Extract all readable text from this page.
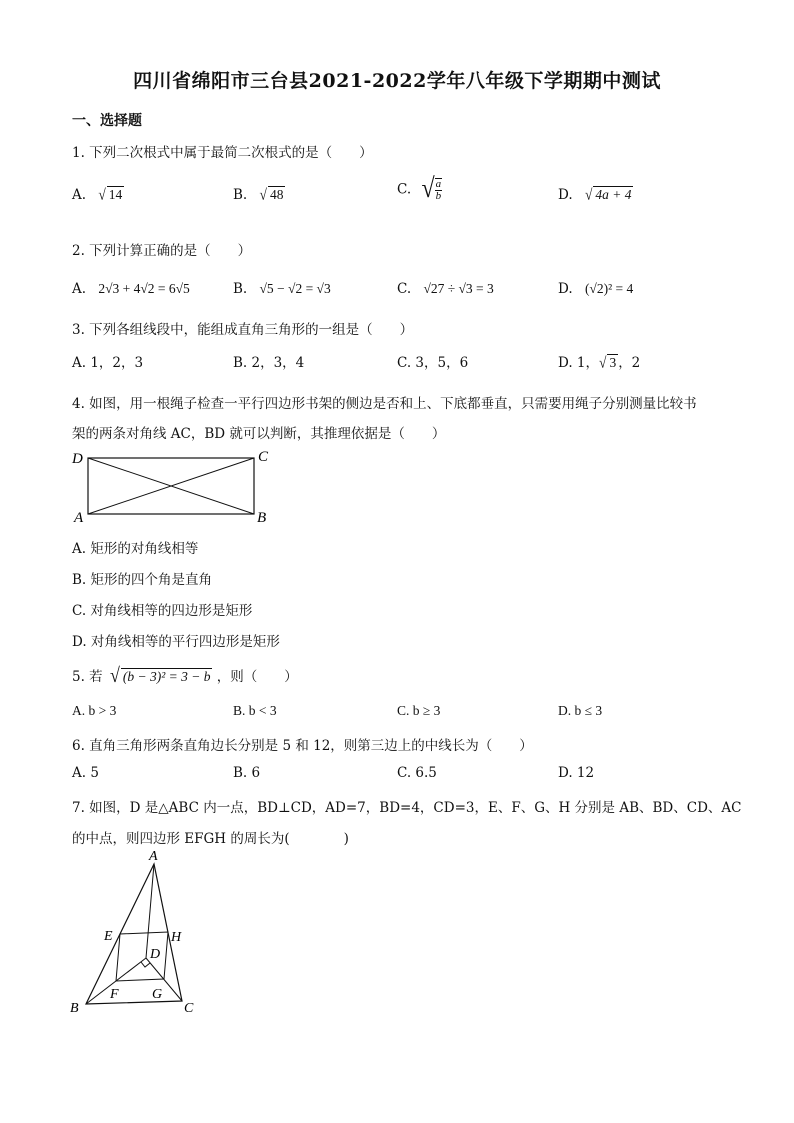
四川省绵阳市三台县2021-2022学年八年级下学期期中测试
一、选择题
1. 下列二次根式中属于最简二次根式的是（　　）
A. √ 14	B. √ 48	C. √ $\frac{a}{b}$	D. √ 4a + 4
2. 下列计算正确的是（　　）
A. 2√3 + 4√2 = 6√5	B. √5 − √2 = √3	C. √27 ÷ √3 = 3	D. (√2)² = 4
3. 下列各组线段中，能组成直角三角形的一组是（　　）
A. 1，2，3	B. 2，3，4	C. 3，5，6	D. 1，√ 3 ，2
4. 如图，用一根绳子检查一平行四边形书架的侧边是否和上、下底都垂直，只需要用绳子分别测量比较书
架的两条对角线 AC，BD 就可以判断，其推理依据是（　　）
D	C
A	B
A. 矩形的对角线相等
B. 矩形的四个角是直角
C. 对角线相等的四边形是矩形
D. 对角线相等的平行四边形是矩形
5. 若 √ (b − 3)² = 3 − b ，则（　　）
A. b > 3	B. b < 3	C. b ≥ 3	D. b ≤ 3
6. 直角三角形两条直角边长分别是 5 和 12，则第三边上的中线长为（　　）
A. 5	B. 6	C. 6.5	D. 12
7. 如图，D 是△ABC 内一点，BD⊥CD，AD=7，BD=4，CD=3，E、F、G、H 分别是 AB、BD、CD、AC
的中点，则四边形 EFGH 的周长为(　　　　)
A
B	C
D
E
F G
H
